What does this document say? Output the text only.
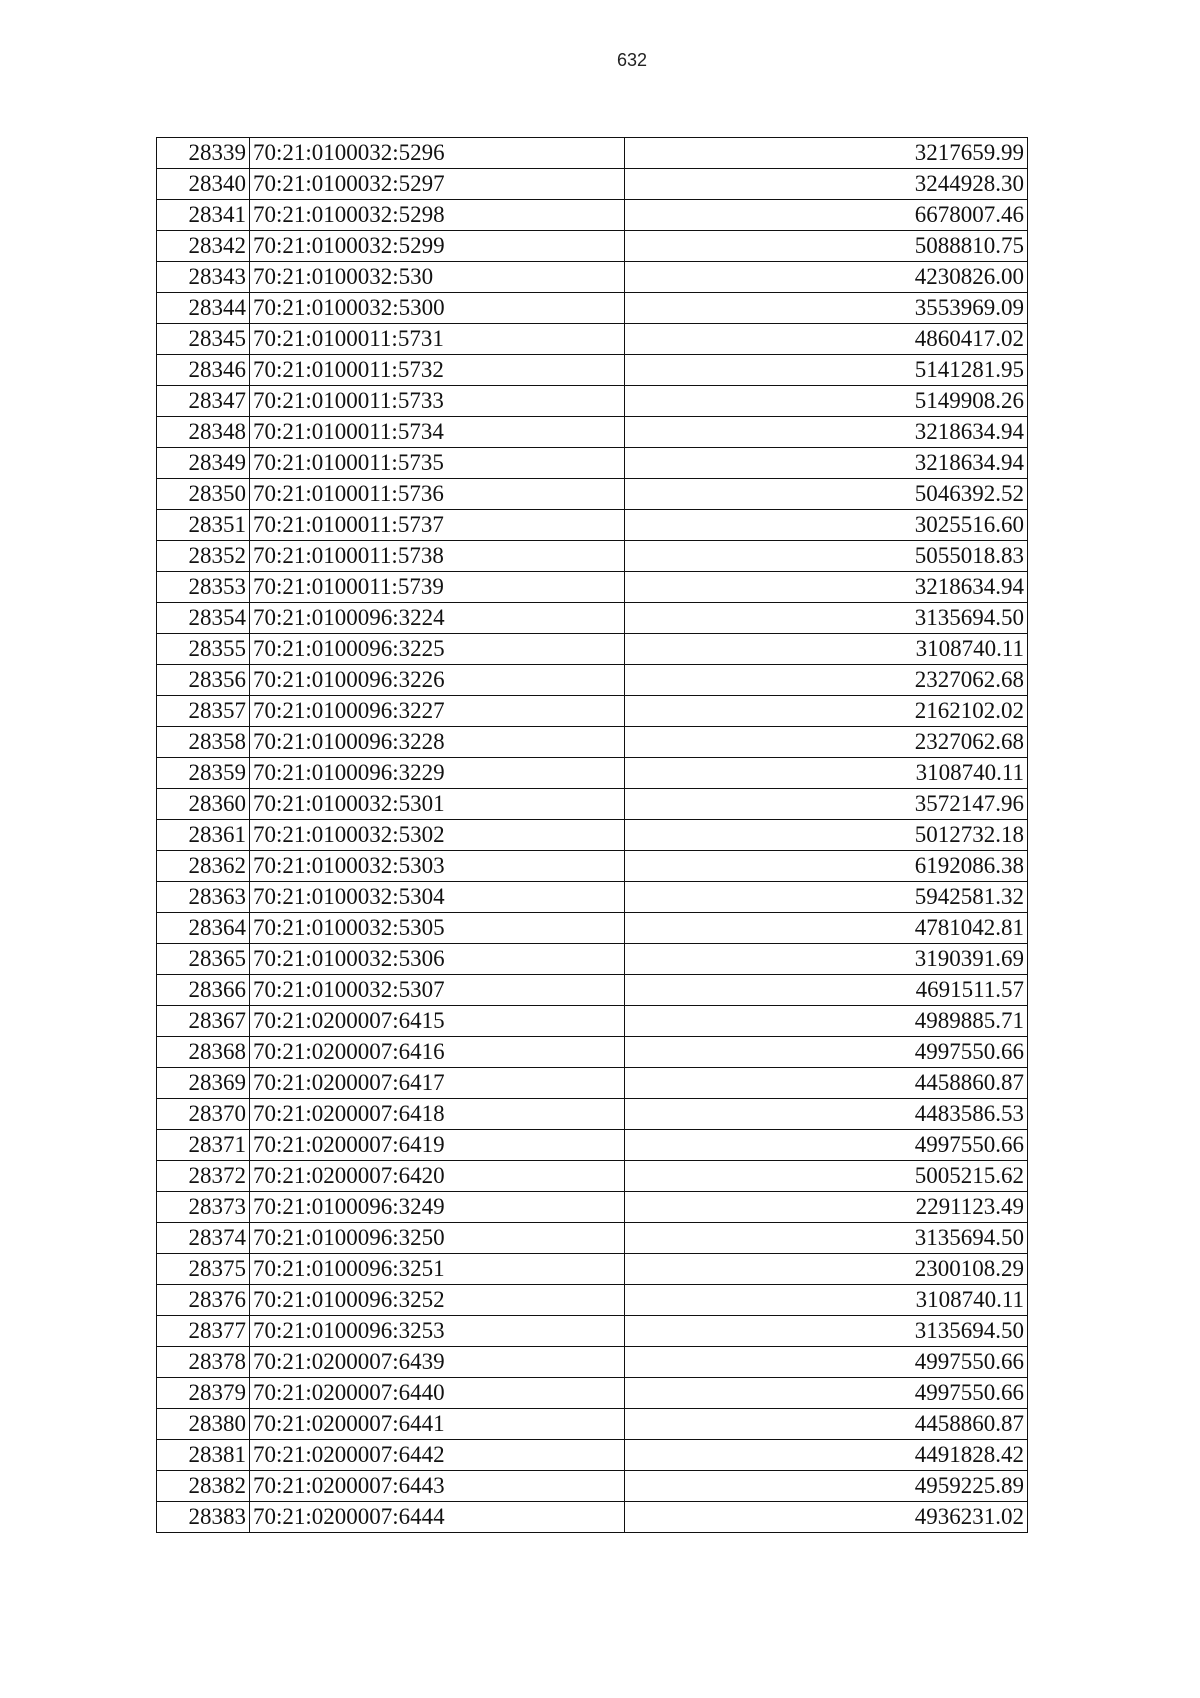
632
28339	70:21:0100032:5296	3217659.99
28340	70:21:0100032:5297	3244928.30
28341	70:21:0100032:5298	6678007.46
28342	70:21:0100032:5299	5088810.75
28343	70:21:0100032:530	4230826.00
28344	70:21:0100032:5300	3553969.09
28345	70:21:0100011:5731	4860417.02
28346	70:21:0100011:5732	5141281.95
28347	70:21:0100011:5733	5149908.26
28348	70:21:0100011:5734	3218634.94
28349	70:21:0100011:5735	3218634.94
28350	70:21:0100011:5736	5046392.52
28351	70:21:0100011:5737	3025516.60
28352	70:21:0100011:5738	5055018.83
28353	70:21:0100011:5739	3218634.94
28354	70:21:0100096:3224	3135694.50
28355	70:21:0100096:3225	3108740.11
28356	70:21:0100096:3226	2327062.68
28357	70:21:0100096:3227	2162102.02
28358	70:21:0100096:3228	2327062.68
28359	70:21:0100096:3229	3108740.11
28360	70:21:0100032:5301	3572147.96
28361	70:21:0100032:5302	5012732.18
28362	70:21:0100032:5303	6192086.38
28363	70:21:0100032:5304	5942581.32
28364	70:21:0100032:5305	4781042.81
28365	70:21:0100032:5306	3190391.69
28366	70:21:0100032:5307	4691511.57
28367	70:21:0200007:6415	4989885.71
28368	70:21:0200007:6416	4997550.66
28369	70:21:0200007:6417	4458860.87
28370	70:21:0200007:6418	4483586.53
28371	70:21:0200007:6419	4997550.66
28372	70:21:0200007:6420	5005215.62
28373	70:21:0100096:3249	2291123.49
28374	70:21:0100096:3250	3135694.50
28375	70:21:0100096:3251	2300108.29
28376	70:21:0100096:3252	3108740.11
28377	70:21:0100096:3253	3135694.50
28378	70:21:0200007:6439	4997550.66
28379	70:21:0200007:6440	4997550.66
28380	70:21:0200007:6441	4458860.87
28381	70:21:0200007:6442	4491828.42
28382	70:21:0200007:6443	4959225.89
28383	70:21:0200007:6444	4936231.02
